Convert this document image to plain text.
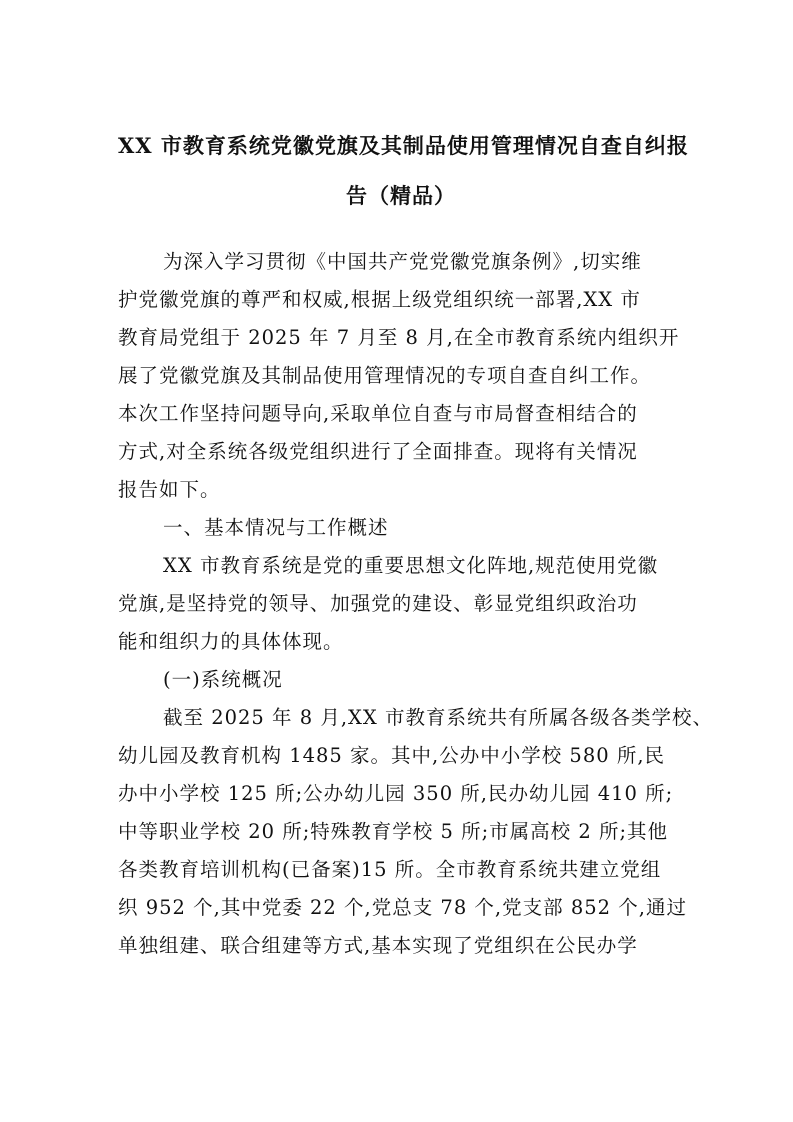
XX 市教育系统党徽党旗及其制品使用管理情况自查自纠报
告（精品）

为深入学习贯彻《中国共产党党徽党旗条例》,切实维

护党徽党旗的尊严和权威,根据上级党组织统一部署,XX 市

教育局党组于 2025 年 7 月至 8 月,在全市教育系统内组织开

展了党徽党旗及其制品使用管理情况的专项自查自纠工作。

本次工作坚持问题导向,采取单位自查与市局督查相结合的

方式,对全系统各级党组织进行了全面排查。现将有关情况

报告如下。

一、基本情况与工作概述

XX 市教育系统是党的重要思想文化阵地,规范使用党徽

党旗,是坚持党的领导、加强党的建设、彰显党组织政治功

能和组织力的具体体现。

(一)系统概况

截至 2025 年 8 月,XX 市教育系统共有所属各级各类学校、

幼儿园及教育机构 1485 家。其中,公办中小学校 580 所,民

办中小学校 125 所;公办幼儿园 350 所,民办幼儿园 410 所;

中等职业学校 20 所;特殊教育学校 5 所;市属高校 2 所;其他

各类教育培训机构(已备案)15 所。全市教育系统共建立党组

织 952 个,其中党委 22 个,党总支 78 个,党支部 852 个,通过

单独组建、联合组建等方式,基本实现了党组织在公民办学
